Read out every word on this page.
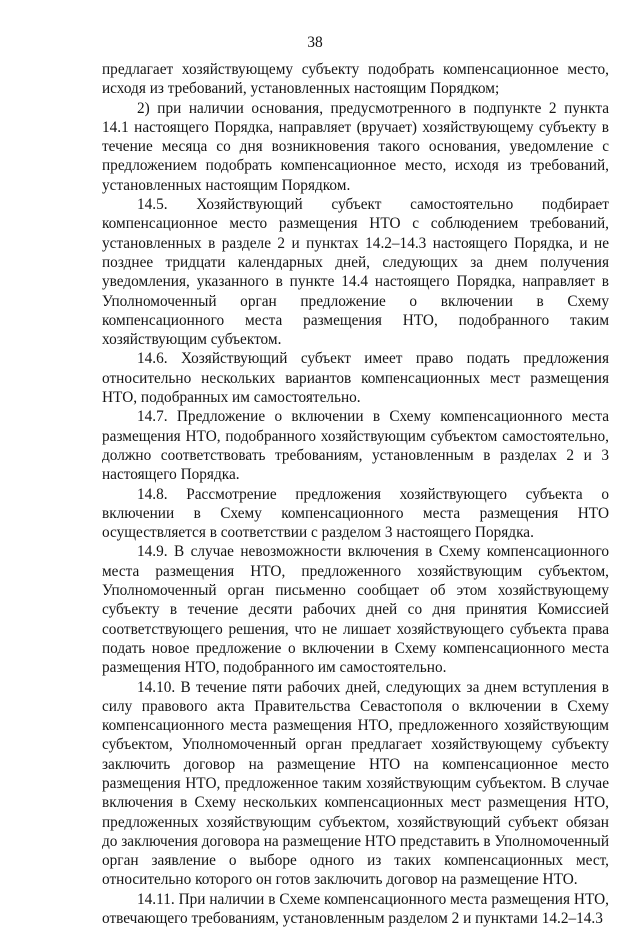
38

предлагает хозяйствующему субъекту подобрать компенсационное место, исходя из требований, установленных настоящим Порядком;

2) при наличии основания, предусмотренного в подпункте 2 пункта 14.1 настоящего Порядка, направляет (вручает) хозяйствующему субъекту в течение месяца со дня возникновения такого основания, уведомление с предложением подобрать компенсационное место, исходя из требований, установленных настоящим Порядком.

14.5. Хозяйствующий субъект самостоятельно подбирает компенсационное место размещения НТО с соблюдением требований, установленных в разделе 2 и пунктах 14.2–14.3 настоящего Порядка, и не позднее тридцати календарных дней, следующих за днем получения уведомления, указанного в пункте 14.4 настоящего Порядка, направляет в Уполномоченный орган предложение о включении в Схему компенсационного места размещения НТО, подобранного таким хозяйствующим субъектом.

14.6. Хозяйствующий субъект имеет право подать предложения относительно нескольких вариантов компенсационных мест размещения НТО, подобранных им самостоятельно.

14.7. Предложение о включении в Схему компенсационного места размещения НТО, подобранного хозяйствующим субъектом самостоятельно, должно соответствовать требованиям, установленным в разделах 2 и 3 настоящего Порядка.

14.8. Рассмотрение предложения хозяйствующего субъекта о включении в Схему компенсационного места размещения НТО осуществляется в соответствии с разделом 3 настоящего Порядка.

14.9. В случае невозможности включения в Схему компенсационного места размещения НТО, предложенного хозяйствующим субъектом, Уполномоченный орган письменно сообщает об этом хозяйствующему субъекту в течение десяти рабочих дней со дня принятия Комиссией соответствующего решения, что не лишает хозяйствующего субъекта права подать новое предложение о включении в Схему компенсационного места размещения НТО, подобранного им самостоятельно.

14.10. В течение пяти рабочих дней, следующих за днем вступления в силу правового акта Правительства Севастополя о включении в Схему компенсационного места размещения НТО, предложенного хозяйствующим субъектом, Уполномоченный орган предлагает хозяйствующему субъекту заключить договор на размещение НТО на компенсационное место размещения НТО, предложенное таким хозяйствующим субъектом. В случае включения в Схему нескольких компенсационных мест размещения НТО, предложенных хозяйствующим субъектом, хозяйствующий субъект обязан до заключения договора на размещение НТО представить в Уполномоченный орган заявление о выборе одного из таких компенсационных мест, относительно которого он готов заключить договор на размещение НТО.

14.11. При наличии в Схеме компенсационного места размещения НТО, отвечающего требованиям, установленным разделом 2 и пунктами 14.2–14.3
